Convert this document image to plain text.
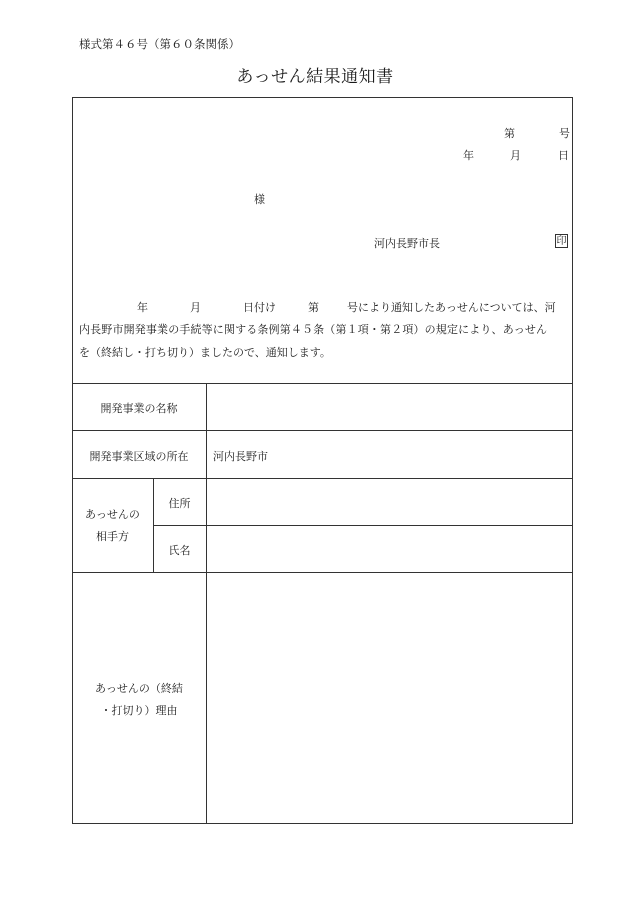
様式第４６号（第６０条関係）
あっせん結果通知書
第	号
年	月	日
様
河内長野市長	印
年	月	日付け	第	号により通知したあっせんについては、河
内長野市開発事業の手続等に関する条例第４５条（第１項・第２項）の規定により、あっせん
を（終結し・打ち切り）ましたので、通知します。
開発事業の名称
開発事業区域の所在	河内長野市
あっせんの
相手方
住所
氏名
あっせんの（終結
・打切り）理由
